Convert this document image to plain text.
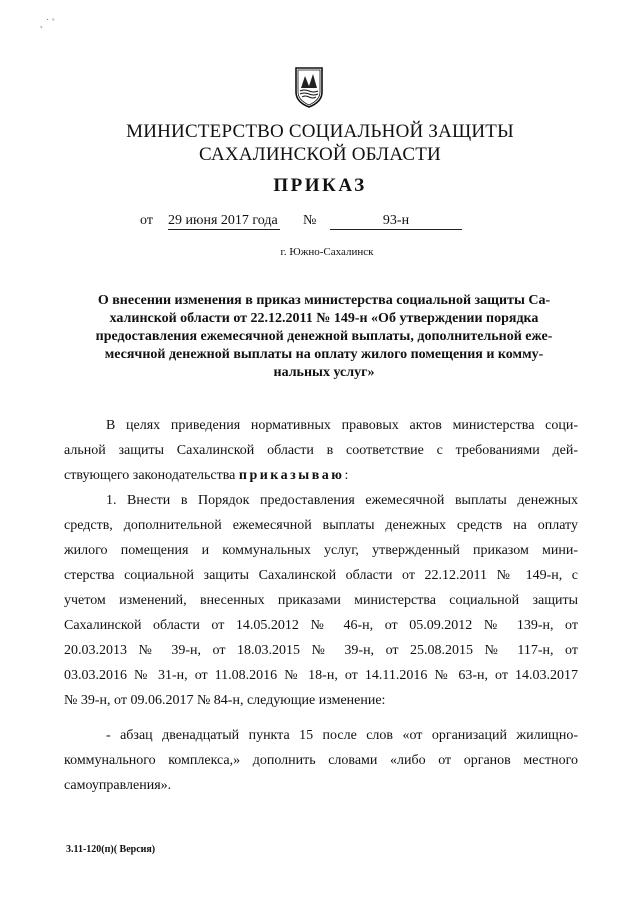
˛ ˙ ˚
МИНИСТЕРСТВО СОЦИАЛЬНОЙ ЗАЩИТЫ
САХАЛИНСКОЙ ОБЛАСТИ
ПРИКАЗ
от 29 июня 2017 года №	93-н
г. Южно-Сахалинск
О внесении изменения в приказ министерства социальной защиты Са-
халинской области от 22.12.2011 № 149-н «Об утверждении порядка
предоставления ежемесячной денежной выплаты, дополнительной еже-
месячной денежной выплаты на оплату жилого помещения и комму-
нальных услуг»
В целях приведения нормативных правовых актов министерства соци-
альной защиты Сахалинской области в соответствие с требованиями дей-
ствующего законодательства приказываю:
1. Внести в Порядок предоставления ежемесячной выплаты денежных
средств, дополнительной ежемесячной выплаты денежных средств на оплату
жилого помещения и коммунальных услуг, утвержденный приказом мини-
стерства социальной защиты Сахалинской области от 22.12.2011 № 149-н, с
учетом изменений, внесенных приказами министерства социальной защиты
Сахалинской области от 14.05.2012 № 46-н, от 05.09.2012 № 139-н, от
20.03.2013 № 39-н, от 18.03.2015 № 39-н, от 25.08.2015 № 117-н, от
03.03.2016 № 31-н, от 11.08.2016 № 18-н, от 14.11.2016 № 63-н, от 14.03.2017
№ 39-н, от 09.06.2017 № 84-н, следующие изменение:
- абзац двенадцатый пункта 15 после слов «от организаций жилищно-
коммунального комплекса,» дополнить словами «либо от органов местного
самоуправления».
3.11-120(п)( Версия)
